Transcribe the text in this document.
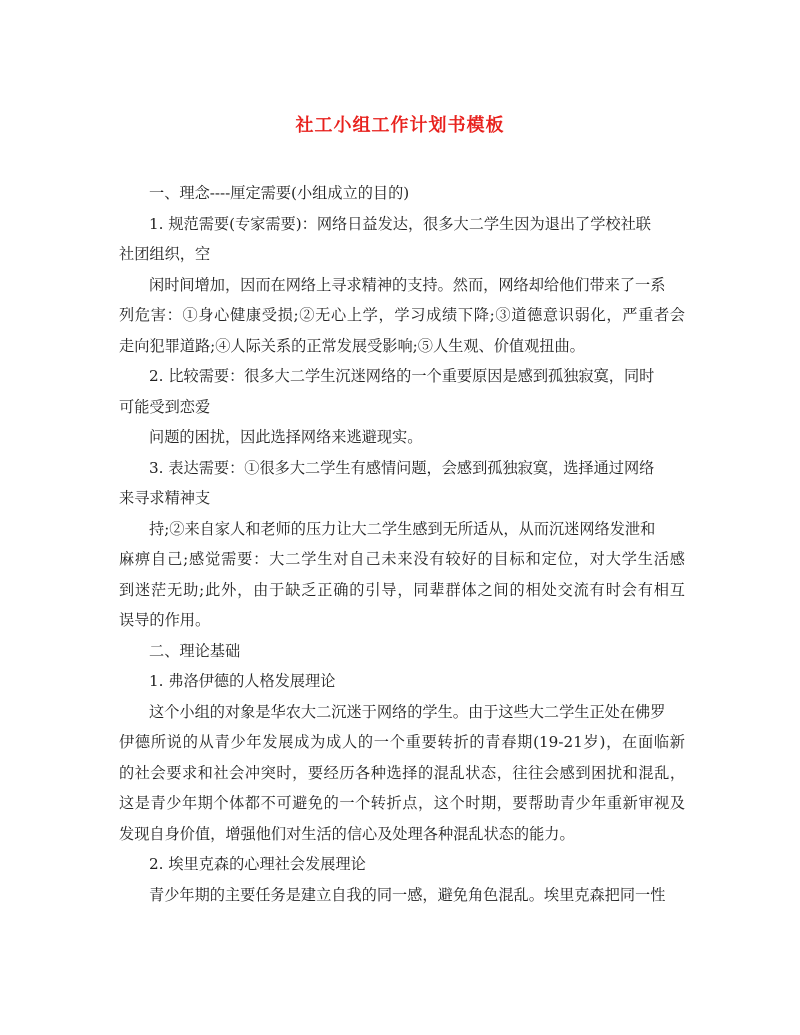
社工小组工作计划书模板
一、理念----厘定需要(小组成立的目的)
1. 规范需要(专家需要)：网络日益发达，很多大二学生因为退出了学校社联
社团组织，空
闲时间增加，因而在网络上寻求精神的支持。然而，网络却给他们带来了一系
列危害：①身心健康受损;②无心上学，学习成绩下降;③道德意识弱化，严重者会
走向犯罪道路;④人际关系的正常发展受影响;⑤人生观、价值观扭曲。
2. 比较需要：很多大二学生沉迷网络的一个重要原因是感到孤独寂寞，同时
可能受到恋爱
问题的困扰，因此选择网络来逃避现实。
3. 表达需要：①很多大二学生有感情问题，会感到孤独寂寞，选择通过网络
来寻求精神支
持;②来自家人和老师的压力让大二学生感到无所适从，从而沉迷网络发泄和
麻痹自己;感觉需要：大二学生对自己未来没有较好的目标和定位，对大学生活感
到迷茫无助;此外，由于缺乏正确的引导，同辈群体之间的相处交流有时会有相互
误导的作用。
二、理论基础
1. 弗洛伊德的人格发展理论
这个小组的对象是华农大二沉迷于网络的学生。由于这些大二学生正处在佛罗
伊德所说的从青少年发展成为成人的一个重要转折的青春期(19-21岁)，在面临新
的社会要求和社会冲突时，要经历各种选择的混乱状态，往往会感到困扰和混乱，
这是青少年期个体都不可避免的一个转折点，这个时期，要帮助青少年重新审视及
发现自身价值，增强他们对生活的信心及处理各种混乱状态的能力。
2. 埃里克森的心理社会发展理论
青少年期的主要任务是建立自我的同一感，避免角色混乱。埃里克森把同一性
